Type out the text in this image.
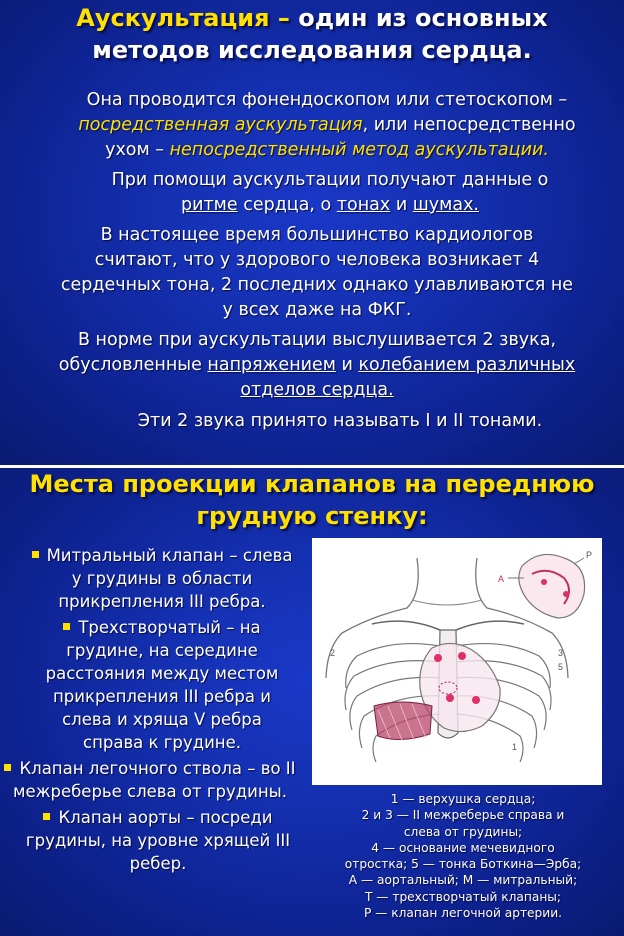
Аускультация – один из основных
методов исследования сердца.
Она проводится фонендоскопом или стетоскопом –
посредственная аускультация, или непосредственно
ухом – непосредственный метод аускультации.
При помощи аускультации получают данные о
ритме сердца, о тонах и шумах.
В настоящее время большинство кардиологов
считают, что у здорового человека возникает 4
сердечных тона, 2 последних однако улавливаются не
у всех даже на ФКГ.
В норме при аускультации выслушивается 2 звука,
обусловленные напряжением и колебанием различных
отделов сердца.
Эти 2 звука принято называть I и II тонами.
Места проекции клапанов на переднюю
грудную стенку:
Митральный клапан – слева у грудины в области прикрепления III ребра.
Трехстворчатый – на грудине, на середине расстояния между местом прикрепления III ребра и слева и хряща V ребра справа к грудине.
Клапан легочного ствола – во II межреберье слева от грудины.
Клапан аорты – посреди грудины, на уровне хрящей III ребер.
А
Р
2	3
5
1
1 — верхушка сердца;
2 и 3 — II межреберье справа и
слева от грудины;
4 — основание мечевидного
отростка; 5 — тонка Боткина—Эрба;
А — аортальный; М — митральный;
Т — трехстворчатый клапаны;
Р — клапан легочной артерии.
